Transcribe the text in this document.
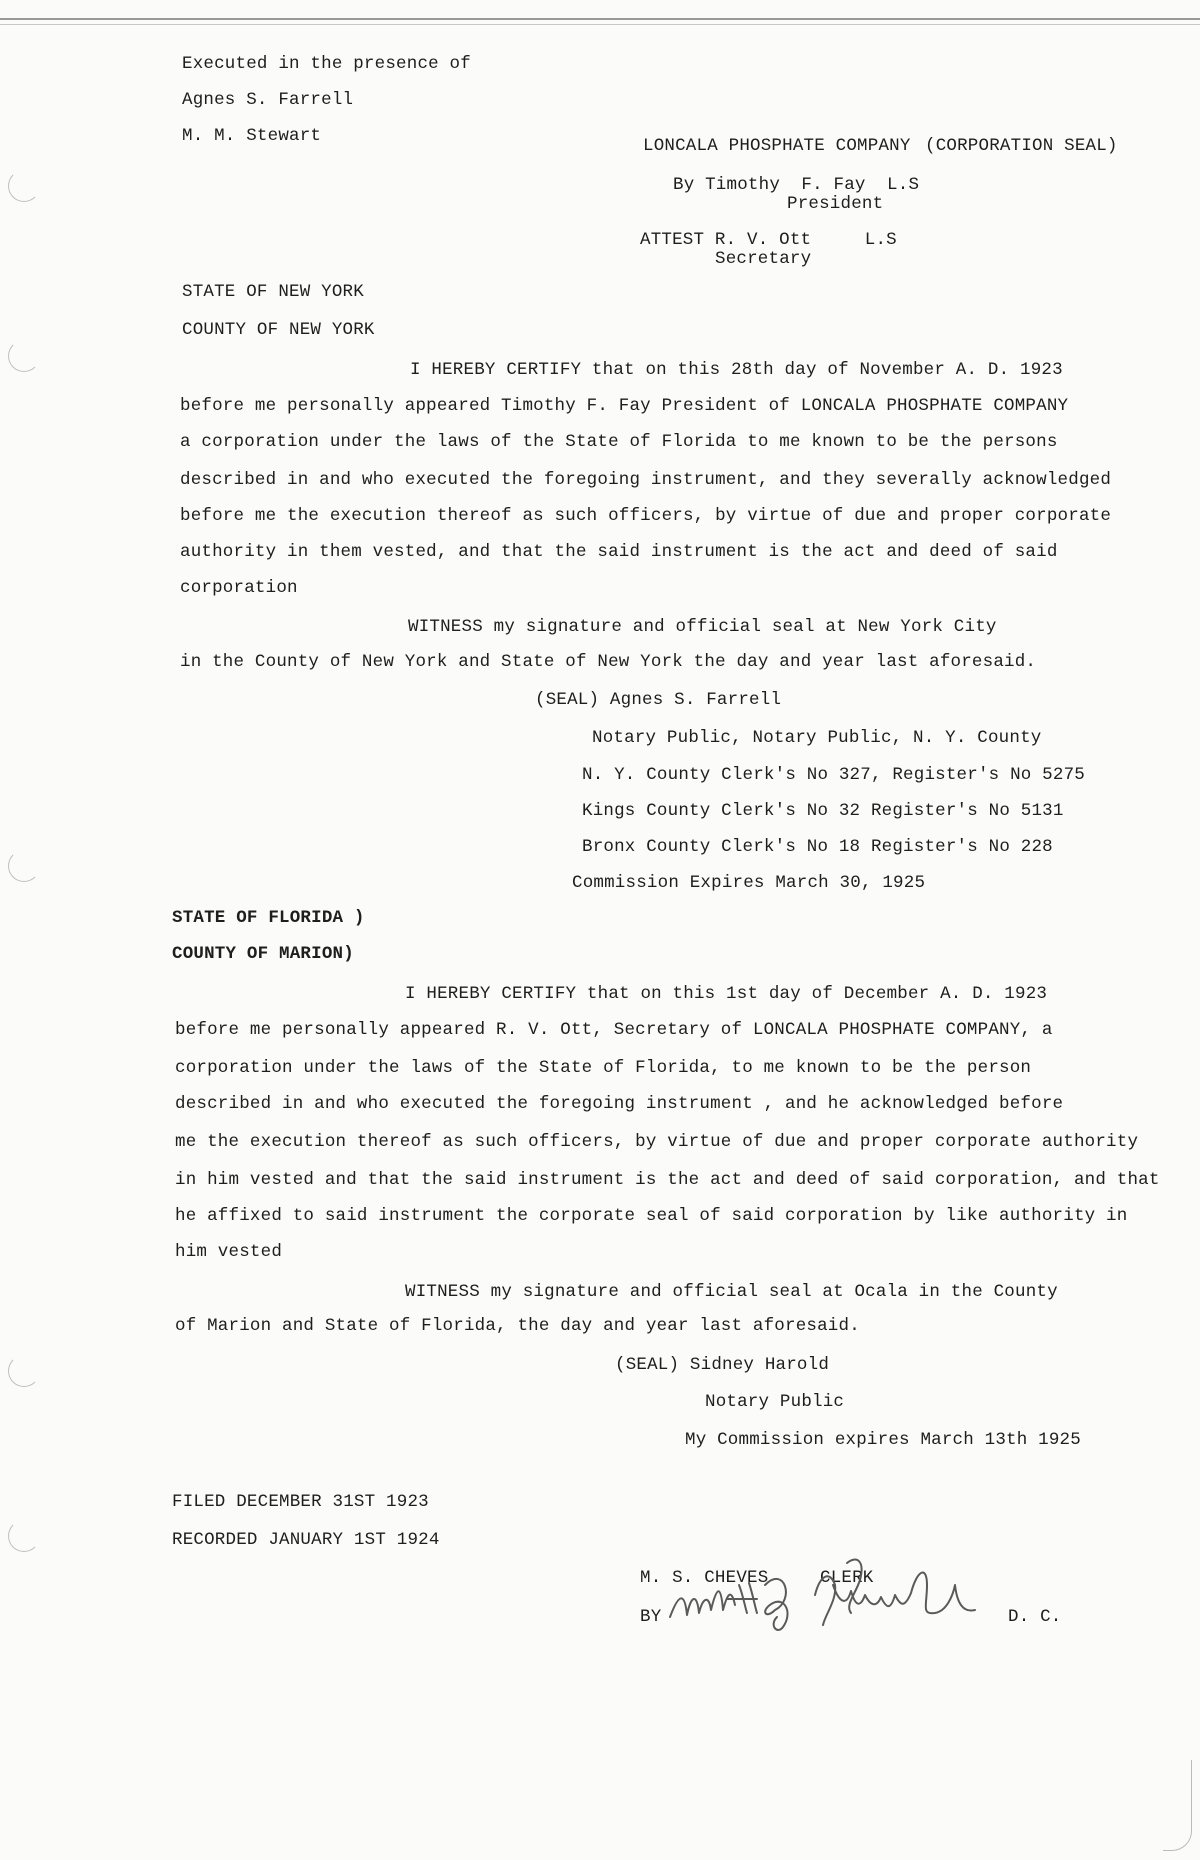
Executed in the presence of
Agnes S. Farrell
M. M. Stewart	LONCALA PHOSPHATE COMPANY (CORPORATION SEAL)
By Timothy  F. Fay  L.S
President
ATTEST R. V. Ott     L.S
Secretary
STATE OF NEW YORK
COUNTY OF NEW YORK
I HEREBY CERTIFY that on this 28th day of November A. D. 1923
before me personally appeared Timothy F. Fay President of LONCALA PHOSPHATE COMPANY
a corporation under the laws of the State of Florida to me known to be the persons
described in and who executed the foregoing instrument, and they severally acknowledged
before me the execution thereof as such officers, by virtue of due and proper corporate
authority in them vested, and that the said instrument is the act and deed of said
corporation
WITNESS my signature and official seal at New York City
in the County of New York and State of New York the day and year last aforesaid.
(SEAL) Agnes S. Farrell
Notary Public, Notary Public, N. Y. County
N. Y. County Clerk's No 327, Register's No 5275
Kings County Clerk's No 32 Register's No 5131
Bronx County Clerk's No 18 Register's No 228
Commission Expires March 30, 1925
STATE OF FLORIDA )
COUNTY OF MARION)
I HEREBY CERTIFY that on this 1st day of December A. D. 1923
before me personally appeared R. V. Ott, Secretary of LONCALA PHOSPHATE COMPANY, a
corporation under the laws of the State of Florida, to me known to be the person
described in and who executed the foregoing instrument , and he acknowledged before
me the execution thereof as such officers, by virtue of due and proper corporate authority
in him vested and that the said instrument is the act and deed of said corporation, and that
he affixed to said instrument the corporate seal of said corporation by like authority in
him vested
WITNESS my signature and official seal at Ocala in the County
of Marion and State of Florida, the day and year last aforesaid.
(SEAL) Sidney Harold
Notary Public
My Commission expires March 13th 1925
FILED DECEMBER 31ST 1923
RECORDED JANUARY 1ST 1924
M. S. CHEVES	CLERK
BY	D. C.
